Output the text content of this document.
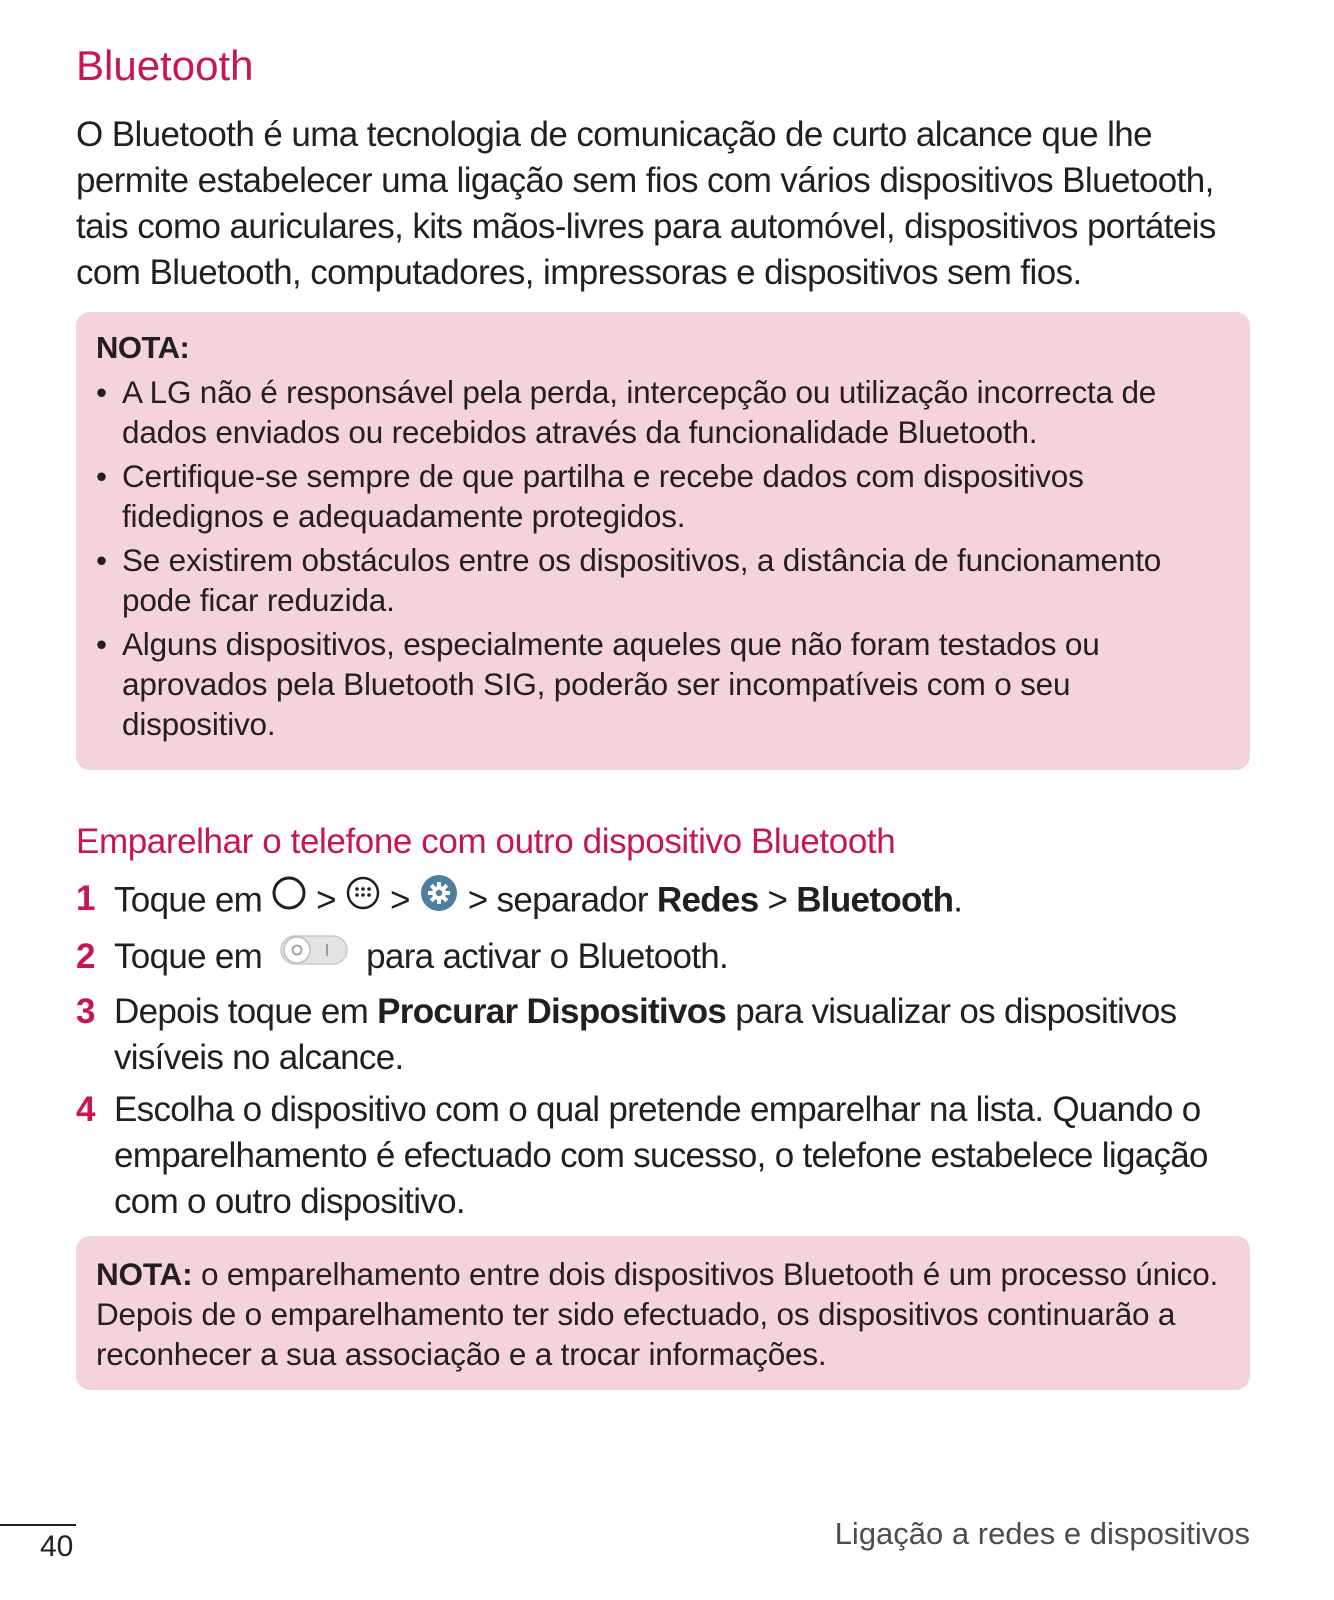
Bluetooth

O Bluetooth é uma tecnologia de comunicação de curto alcance que lhe permite estabelecer uma ligação sem fios com vários dispositivos Bluetooth, tais como auriculares, kits mãos-livres para automóvel, dispositivos portáteis com Bluetooth, computadores, impressoras e dispositivos sem fios.

NOTA:

• A LG não é responsável pela perda, intercepção ou utilização incorrecta de dados enviados ou recebidos através da funcionalidade Bluetooth.
• Certifique-se sempre de que partilha e recebe dados com dispositivos fidedignos e adequadamente protegidos.
• Se existirem obstáculos entre os dispositivos, a distância de funcionamento pode ficar reduzida.
• Alguns dispositivos, especialmente aqueles que não foram testados ou aprovados pela Bluetooth SIG, poderão ser incompatíveis com o seu dispositivo.
Emparelhar o telefone com outro dispositivo Bluetooth
1 Toque em > > > separador Redes > Bluetooth.
2 Toque em	para activar o Bluetooth.
3 Depois toque em Procurar Dispositivos para visualizar os dispositivos visíveis no alcance.
4 Escolha o dispositivo com o qual pretende emparelhar na lista. Quando o emparelhamento é efectuado com sucesso, o telefone estabelece ligação com o outro dispositivo.

NOTA: o emparelhamento entre dois dispositivos Bluetooth é um processo único. Depois de o emparelhamento ter sido efectuado, os dispositivos continuarão a reconhecer a sua associação e a trocar informações.

40	Ligação a redes e dispositivos
